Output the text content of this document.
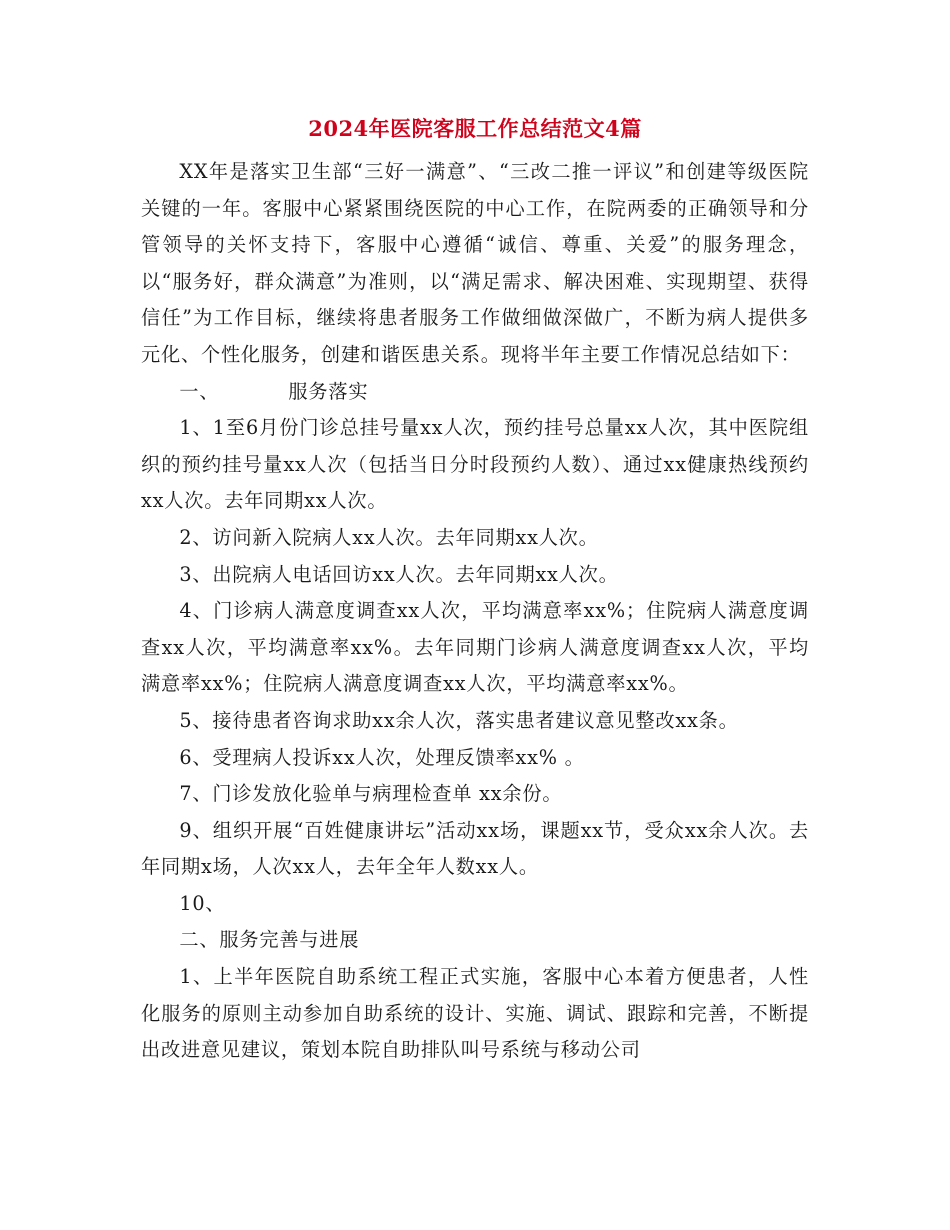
2024年医院客服工作总结范文4篇

XX年是落实卫生部“三好一满意”、“三改二推一评议”和创建等级医院关键的一年。客服中心紧紧围绕医院的中心工作，在院两委的正确领导和分管领导的关怀支持下，客服中心遵循“诚信、尊重、关爱”的服务理念，以“服务好，群众满意”为准则，以“满足需求、解决困难、实现期望、获得信任”为工作目标，继续将患者服务工作做细做深做广，不断为病人提供多元化、个性化服务，创建和谐医患关系。现将半年主要工作情况总结如下：

一、          服务落实

1、1至6月份门诊总挂号量xx人次，预约挂号总量xx人次，其中医院组织的预约挂号量xx人次（包括当日分时段预约人数）、通过xx健康热线预约xx人次。去年同期xx人次。

2、访问新入院病人xx人次。去年同期xx人次。

3、出院病人电话回访xx人次。去年同期xx人次。

4、门诊病人满意度调查xx人次，平均满意率xx%；住院病人满意度调查xx人次，平均满意率xx%。去年同期门诊病人满意度调查xx人次，平均满意率xx%；住院病人满意度调查xx人次，平均满意率xx%。

5、接待患者咨询求助xx余人次，落实患者建议意见整改xx条。

6、受理病人投诉xx人次，处理反馈率xx% 。

7、门诊发放化验单与病理检查单 xx余份。

9、组织开展“百姓健康讲坛”活动xx场，课题xx节，受众xx余人次。去年同期x场，人次xx人，去年全年人数xx人。

10、

二、服务完善与进展

1、上半年医院自助系统工程正式实施，客服中心本着方便患者，人性化服务的原则主动参加自助系统的设计、实施、调试、跟踪和完善，不断提出改进意见建议，策划本院自助排队叫号系统与移动公司
